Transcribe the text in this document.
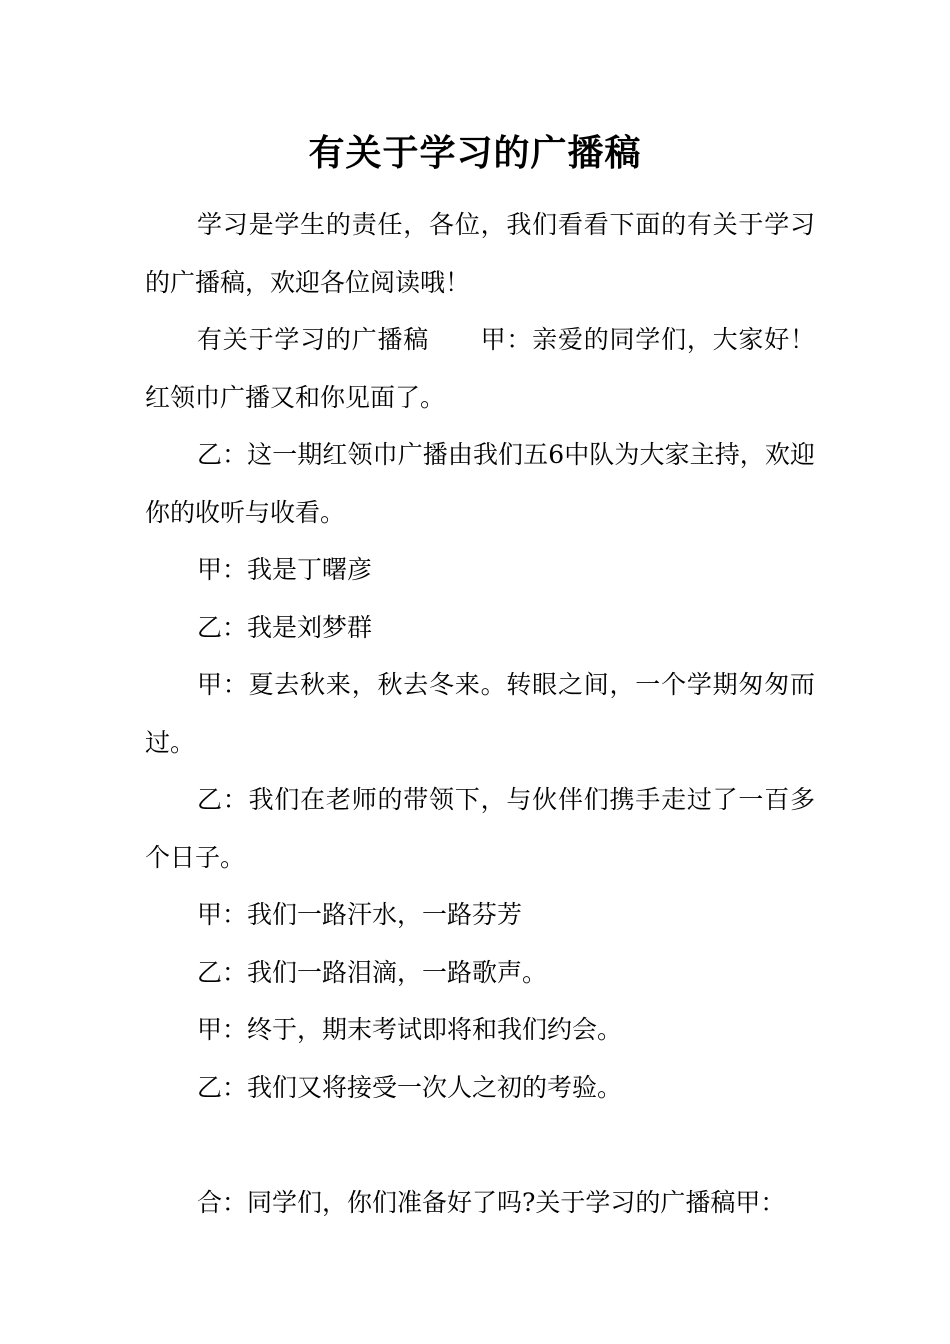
有关于学习的广播稿

学习是学生的责任，各位，我们看看下面的有关于学习的广播稿，欢迎各位阅读哦！

有关于学习的广播稿　　甲：亲爱的同学们，大家好！红领巾广播又和你见面了。

乙：这一期红领巾广播由我们五6中队为大家主持，欢迎你的收听与收看。

甲：我是丁曙彦

乙：我是刘梦群

甲：夏去秋来，秋去冬来。转眼之间，一个学期匆匆而过。

乙：我们在老师的带领下，与伙伴们携手走过了一百多个日子。

甲：我们一路汗水，一路芬芳

乙：我们一路泪滴，一路歌声。

甲：终于，期末考试即将和我们约会。

乙：我们又将接受一次人之初的考验。

合：同学们，你们准备好了吗?关于学习的广播稿甲：
